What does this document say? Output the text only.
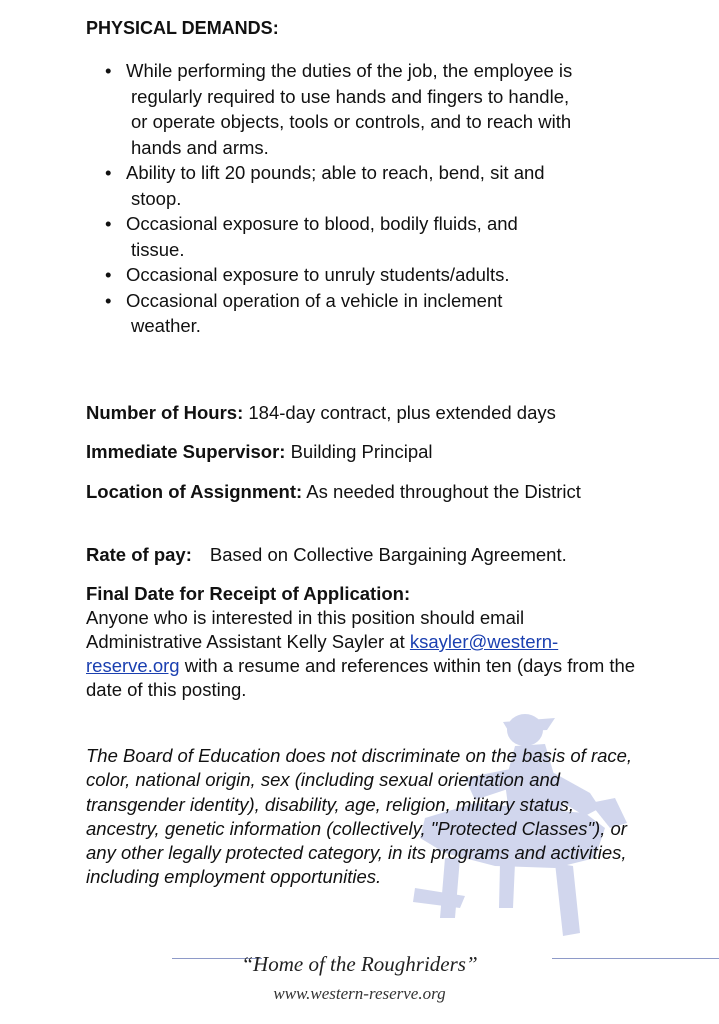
PHYSICAL DEMANDS:
• While performing the duties of the job, the employee is
regularly required to use hands and fingers to handle,
or operate objects, tools or controls, and to reach with
hands and arms.
• Ability to lift 20 pounds; able to reach, bend, sit and
stoop.
• Occasional exposure to blood, bodily fluids, and
tissue.
• Occasional exposure to unruly students/adults.
• Occasional operation of a vehicle in inclement
weather.
Number of Hours: 184-day contract, plus extended days
Immediate Supervisor: Building Principal
Location of Assignment: As needed throughout the District
Rate of pay: Based on Collective Bargaining Agreement.
Final Date for Receipt of Application:
Anyone who is interested in this position should email Administrative Assistant Kelly Sayler at ksayler@western-reserve.org with a resume and references within ten (days from the date of this posting.
The Board of Education does not discriminate on the basis of race, color, national origin, sex (including sexual orientation and transgender identity), disability, age, religion, military status, ancestry, genetic information (collectively, "Protected Classes"), or any other legally protected category, in its programs and activities, including employment opportunities.
“Home of the Roughriders”
www.western-reserve.org
